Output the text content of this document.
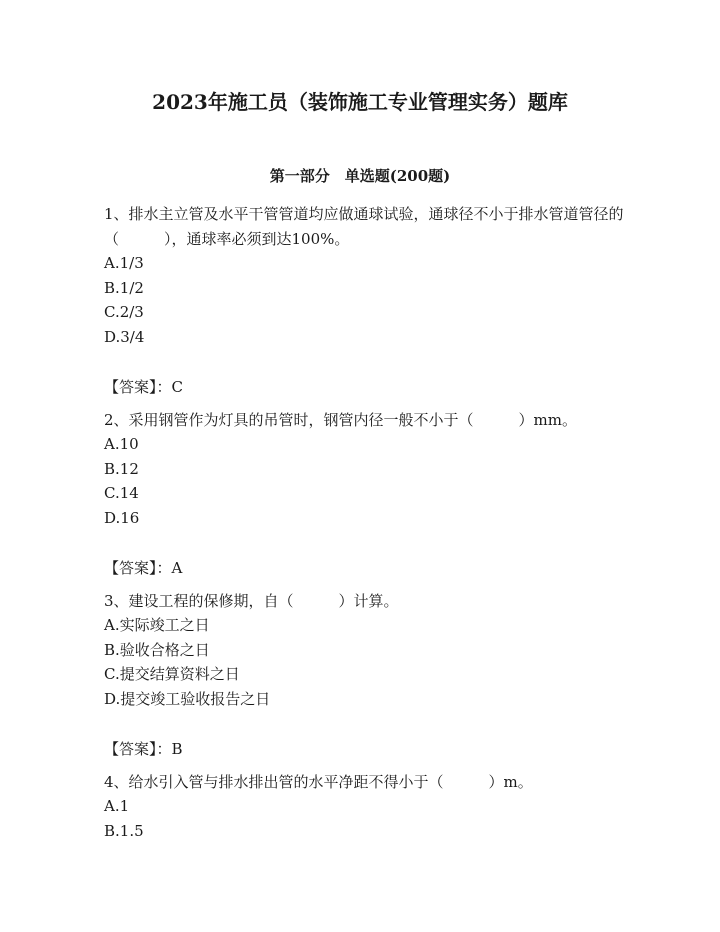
2023年施工员（装饰施工专业管理实务）题库
第一部分　单选题(200题)

1、排水主立管及水平干管管道均应做通球试验，通球径不小于排水管道管径的（　　　），通球率必须到达100%。

A.1/3

B.1/2

C.2/3

D.3/4

【答案】：C

2、采用钢管作为灯具的吊管时，钢管内径一般不小于（　　　）mm。

A.10

B.12

C.14

D.16

【答案】：A

3、建设工程的保修期，自（　　　）计算。

A.实际竣工之日

B.验收合格之日

C.提交结算资料之日

D.提交竣工验收报告之日

【答案】：B

4、给水引入管与排水排出管的水平净距不得小于（　　　）m。

A.1

B.1.5
